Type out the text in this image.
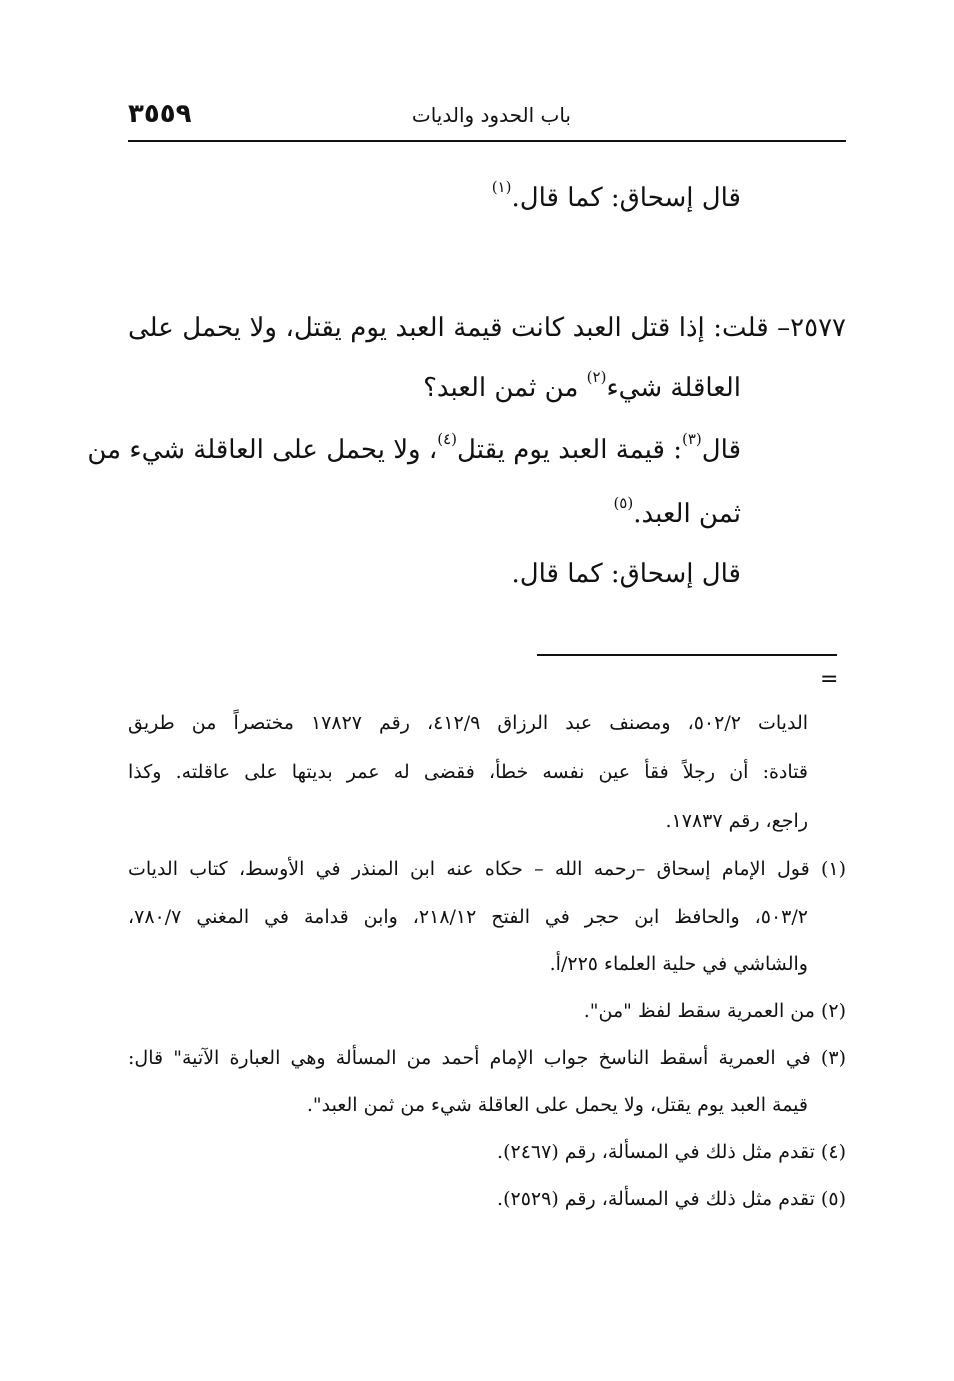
٣٥٥٩	باب الحدود والديات
قال إسحاق: كما قال.$^{(١)}$
٢٥٧٧– قلت: إذا قتل العبد كانت قيمة العبد يوم يقتل، ولا يحمل على
العاقلة شيء$^{(٢)}$ من ثمن العبد؟
قال$^{(٣)}$: قيمة العبد يوم يقتل$^{(٤)}$، ولا يحمل على العاقلة شيء من
ثمن العبد.$^{(٥)}$
قال إسحاق: كما قال.
=
الديات ٥٠٢/٢، ومصنف عبد الرزاق ٤١٢/٩، رقم ١٧٨٢٧ مختصراً من طريق
قتادة: أن رجلاً فقأ عين نفسه خطأ، فقضى له عمر بديتها على عاقلته. وكذا
راجع، رقم ١٧٨٣٧.
(١) قول الإمام إسحاق –رحمه الله – حكاه عنه ابن المنذر في الأوسط، كتاب الديات
٥٠٣/٢، والحافظ ابن حجر في الفتح ٢١٨/١٢، وابن قدامة في المغني ٧٨٠/٧،
والشاشي في حلية العلماء ٢٢٥/أ.
(٢) من العمرية سقط لفظ "من".
(٣) في العمرية أسقط الناسخ جواب الإمام أحمد من المسألة وهي العبارة الآتية" قال:
قيمة العبد يوم يقتل، ولا يحمل على العاقلة شيء من ثمن العبد".
(٤) تقدم مثل ذلك في المسألة، رقم (٢٤٦٧).
(٥) تقدم مثل ذلك في المسألة، رقم (٢٥٢٩).
